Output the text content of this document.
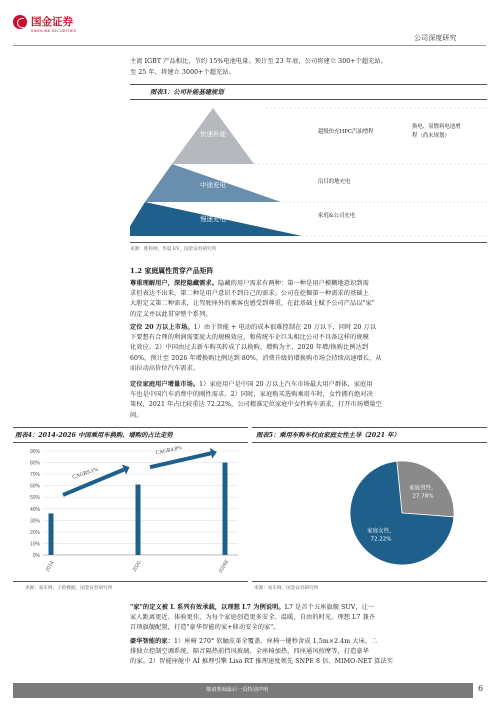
国金证券
SINOLINK SECURITIES
公司深度研究
主流 IGBT 产品相比，节约 15%电池电量。预计至 23 年底，公司将建立 300+个超充站。
至 25 年，将建立 3000+个超充站。
图表3：公司补能基建规划
快速补能
中途充电
慢速充电
超级快充HPC汽油增程
换电、氢燃料电池增
程（尚未规划）
沿目的地充电
家庭&公司充电
来源：胜科网，华夏 EV，国金证券研究所
1.2 家庭属性贯穿产品矩阵
尊重理解用户，深挖隐藏需求。隐藏的用户需求有两种：第一种是用户模糊地意识到需
求但表达不出来，第二种是用户意识不到自己的需求。公司在挖掘第一种需求的基础上
大胆定义第二种需求，让驾驶座外的乘客也感受到尊重，在此基础上赋予公司产品以"家"
的定义并以此贯穿整个系列。
定位 20 万以上市场。1）由于智能 + 电动的成本很难控制在 20 万以下，同时 20 万以
下要想有合理的利润需要庞大的规模效应，和传统车企巨头相比公司不具备这样的规模
化效应。2）中国由过去新车购买转成了以换购、增购为主，2020 年增/换购比例达到
60%，预计至 2026 年增换购比例达到 80%，消费升级的增换购市场会持续高速增长，从
而拉动高价位汽车需求。
定位家庭用户增量市场。1）家庭用户是中国 20 万以上汽车市场最大用户群体，家庭用
车也是中国汽车消费中的刚性需求。2）同时，家庭购买选购乘用车时，女性拥有绝对决
策权，2021 年占比较重达 72.22%，公司精准定位家庭中女性购车需求，打开市场增量空
间。
图表4：2014-2026 中国乘用车换购、增购的占比走势
0%
10%
20%
30%
40%
50%
60%
70%
80%
90%
2014	2020	2026E
CAGR9.1%
CAGR4.8%
来源：易车网，上险数据，国金证券研究所
图表5：乘用车购车权由家庭女性主导（2021 年）
家庭男性，
27.78%
家庭女性，
72.22%
来源：易车网，国金证券研究所
"家"的定义被 L 系列有效承载，以理想 L7 为例说明。L7 是首个五座旗舰 SUV，让一
家人距离更近、体验更佳，为每个家庭创造更多安全、温暖、自由的时光。理想 L7 兼齐
百项旗舰配置，打造"豪华智能的家+移动安全的家"。
豪华智能的家：1）座椅 270° 软触皮革全覆盖、座椅一键秒舍成 1.5m×2.4m 大床、二
排独立控制空调系统、隔音隔热前挡风玻璃、全座椅加热、四座通风按摩等，打造豪华
的家。2）智能座舱中 AI 推理引擎 Lisa RT 推理速度领先 SNPE 8 倍、MIMO-NET 算法实
敬请参阅最后一页特别声明	6
